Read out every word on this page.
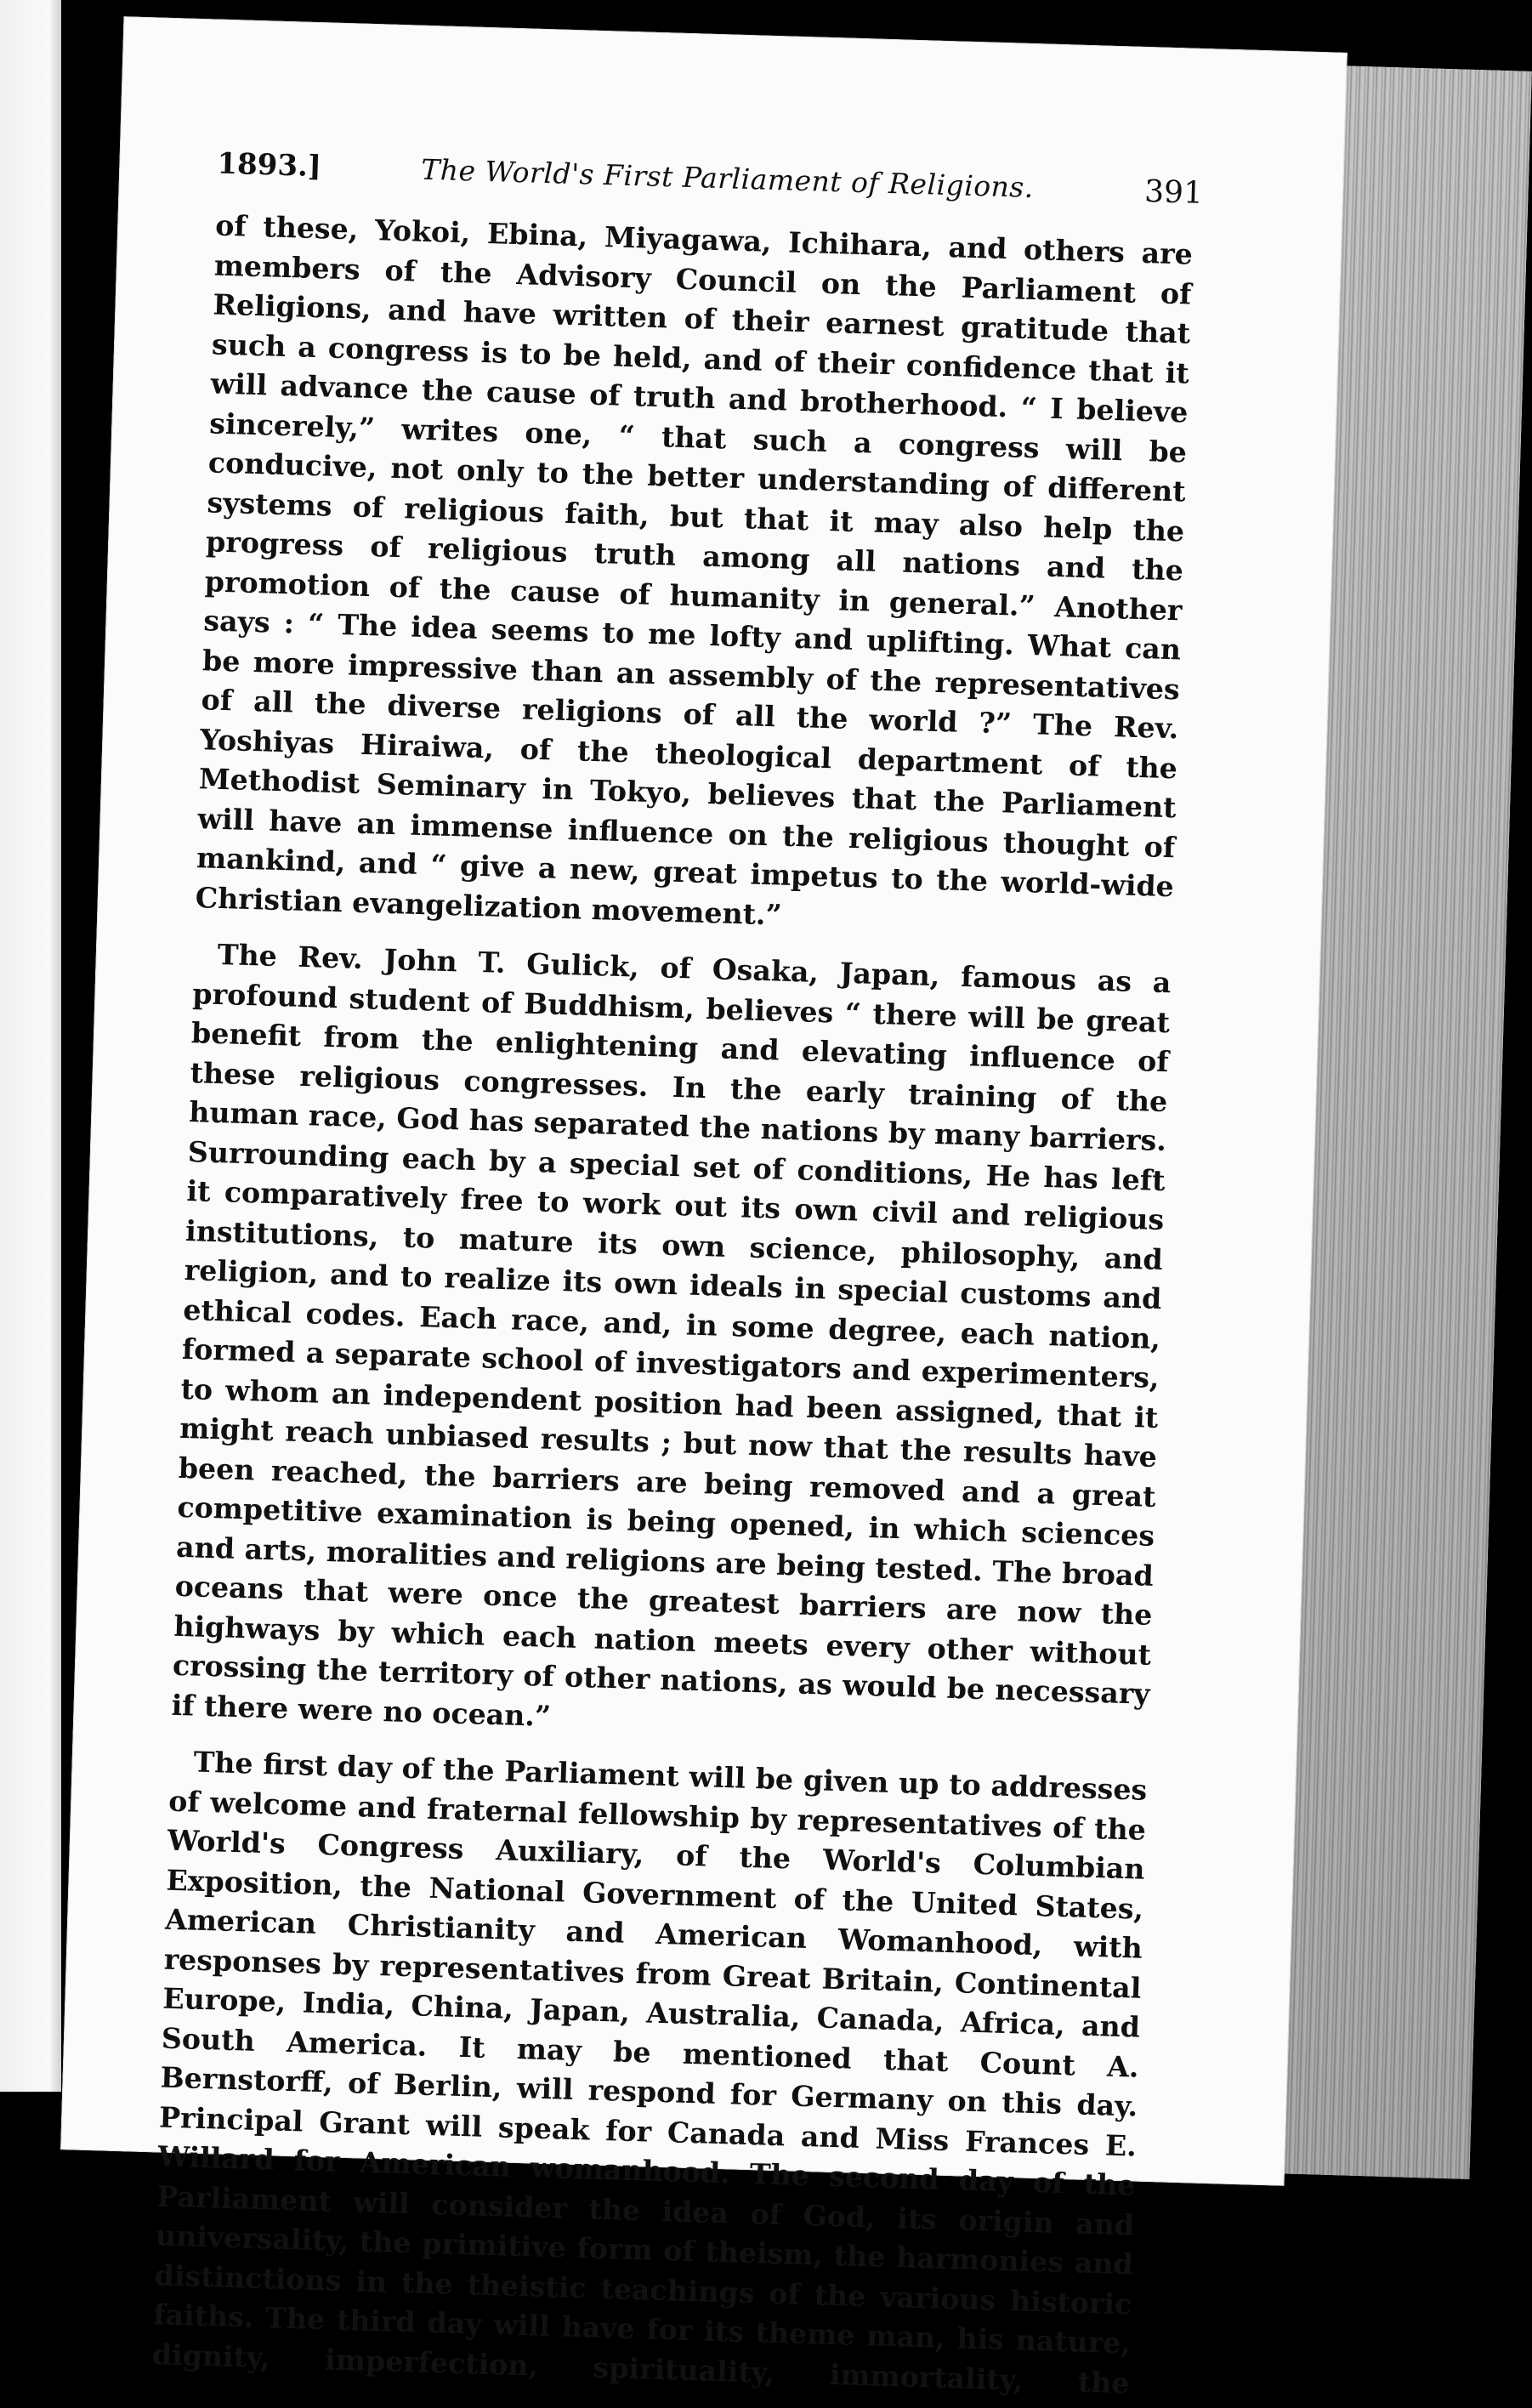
1893.]	The World's First Parliament of Religions.	391

of these, Yokoi, Ebina, Miyagawa, Ichihara, and others are members of the Advisory Council on the Parliament of Religions, and have written of their earnest gratitude that such a congress is to be held, and of their confidence that it will advance the cause of truth and brotherhood. “ I believe sincerely,” writes one, “ that such a congress will be conducive, not only to the better understanding of different systems of religious faith, but that it may also help the progress of religious truth among all nations and the promotion of the cause of humanity in general.” Another says : “ The idea seems to me lofty and uplifting. What can be more impressive than an assembly of the representatives of all the diverse religions of all the world ?” The Rev. Yoshiyas Hiraiwa, of the theological department of the Methodist Seminary in Tokyo, believes that the Parliament will have an immense influence on the religious thought of mankind, and “ give a new, great impetus to the world-wide Christian evangelization movement.”

The Rev. John T. Gulick, of Osaka, Japan, famous as a profound student of Buddhism, believes “ there will be great benefit from the enlightening and elevating influence of these religious congresses. In the early training of the human race, God has separated the nations by many barriers. Surrounding each by a special set of conditions, He has left it comparatively free to work out its own civil and religious institutions, to mature its own science, philosophy, and religion, and to realize its own ideals in special customs and ethical codes. Each race, and, in some degree, each nation, formed a separate school of investigators and experimenters, to whom an independent position had been assigned, that it might reach unbiased results ; but now that the results have been reached, the barriers are being removed and a great competitive examination is being opened, in which sciences and arts, moralities and religions are being tested. The broad oceans that were once the greatest barriers are now the highways by which each nation meets every other without crossing the territory of other nations, as would be necessary if there were no ocean.”

The first day of the Parliament will be given up to addresses of welcome and fraternal fellowship by representatives of the World's Congress Auxiliary, of the World's Columbian Exposition, the National Government of the United States, American Christianity and American Womanhood, with responses by representatives from Great Britain, Continental Europe, India, China, Japan, Australia, Canada, Africa, and South America. It may be mentioned that Count A. Bernstorff, of Berlin, will respond for Germany on this day. Principal Grant will speak for Canada and Miss Frances E. Willard for American womanhood. The second day of the Parliament will consider the idea of God, its origin and universality, the primitive form of theism, the harmonies and distinctions in the theistic teachings of the various historic faiths. The third day will have for its theme man, his nature, dignity, imperfection, spirituality, immortality, the
